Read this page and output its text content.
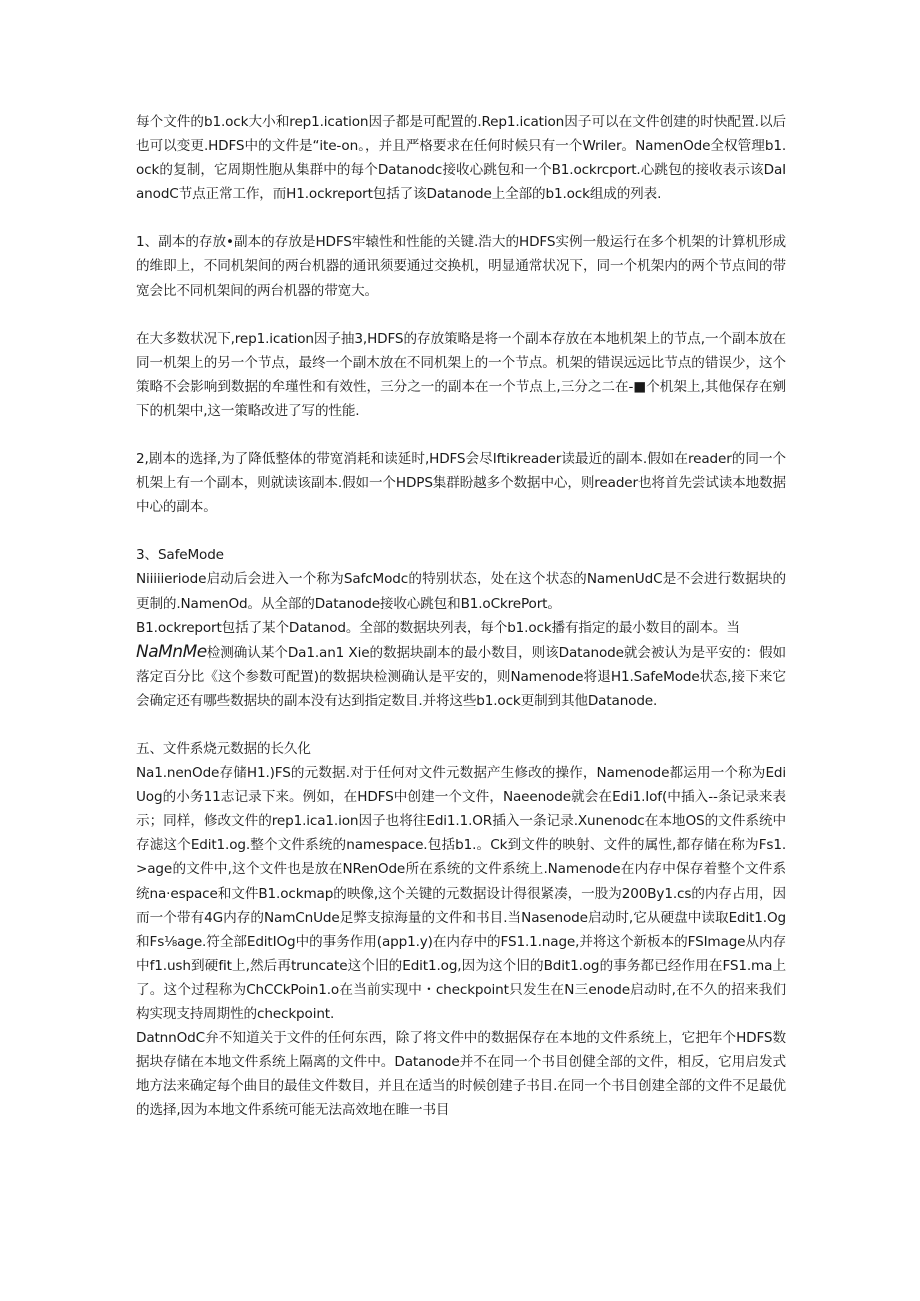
每个文件的b1.ock大小和rep1.ication因子都是可配置的.Rep1.ication因子可以在文件创建的时快配置.以后也可以变更.HDFS中的文件是“ite-on。，并且严格要求在任何时候只有一个Wriler。NamenOde全权管理b1.ock的复制，它周期性胞从集群中的每个Datanodc接收心跳包和一个B1.ockrcport.心跳包的接收表示该DaIanodC节点正常工作，而H1.ockreport包括了该Datanode上全部的b1.ock组成的列表.

1、副本的存放•副本的存放是HDFS牢辕性和性能的关键.浩大的HDFS实例一般运行在多个机架的计算机形成的维即上，不同机架间的两台机器的通讯须要通过交换机，明显通常状况下，同一个机架内的两个节点间的带宽会比不同机架间的两台机器的带宽大。

在大多数状况下,rep1.ication因子抽3,HDFS的存放策略是将一个副本存放在本地机架上的节点,一个副本放在同一机架上的另一个节点，最终一个副木放在不同机架上的一个节点。机架的错误远远比节点的错误少，这个策略不会影响到数据的牟瑾性和有效性，三分之一的副本在一个节点上,三分之二在-■个机架上,其他保存在剜下的机架中,这一策略改进了写的性能.

2,剧本的选择,为了降低整体的带宽消耗和读延时,HDFS会尽Iftikreader读最近的副本.假如在reader的同一个机架上有一个副本，则就读该副本.假如一个HDPS集群盼越多个数据中心，则reader也将首先尝试读本地数据中心的副本。

3、SafeMode

Niiiiieriode启动后会进入一个称为SafcModc的特别状态，处在这个状态的NamenUdC是不会进行数据块的更制的.NamenOd。从全部的Datanode接收心跳包和B1.oCkrePort。

B1.ockreport包括了某个Datanod。全部的数据块列表，每个b1.ock播有指定的最小数目的副本。当

NaMnMe检测确认某个Da1.an1 Xie的数据块副本的最小数目，则该Datanode就会被认为是平安的：假如落定百分比《这个参数可配置)的数据块检测确认是平安的，则Namenode将退H1.SafeMode状态,接下来它会确定还有哪些数据块的副本没有达到指定数目.并将这些b1.ock更制到其他Datanode.

五、文件系烧元数据的长久化

Na1.nenOde存储H1.)FS的元数据.对于任何对文件元数据产生修改的操作，Namenode都运用一个称为EdiUog的小务11志记录下来。例如，在HDFS中创建一个文件，Naeenode就会在Edi1.Iof(中插入--条记录来表示；同样，修改文件的rep1.ica1.ion因子也将往Edi1.1.OR插入一条记录.Xunenodc在本地OS的文件系统中存滤这个Edit1.og.整个文件系统的namespace.包括b1.。Ck到文件的映射、文件的属性,都存储在称为Fs1.>age的文件中,这个文件也是放在NRenOde所在系统的文件系统上.Namenode在内存中保存着整个文件系统na·espace和文件B1.ockmap的映像,这个关键的元数据设计得很紧凑，一股为200By1.cs的内存占用，因而一个带有4G内存的NamCnUde足弊支掠海量的文件和书目.当Nasenode启动时,它从硬盘中读取Edit1.Og和Fs⅛age.符全部EditIOg中的事务作用(app1.y)在内存中的FS1.1.nage,并将这个新板本的FSImage从内存中f1.ush到硬fit上,然后再truncate这个旧的Edit1.og,因为这个旧的Bdit1.og的事务都已经作用在FS1.ma上了。这个过程称为ChCCkPoin1.o在当前实现中・checkpoint只发生在N三enode启动时,在不久的招来我们构实现支持周期性的checkpoint.

DatnnOdC弁不知道关于文件的任何东西，除了将文件中的数据保存在本地的文件系统上，它把年个HDFS数据块存储在本地文件系统上隔离的文件中。Datanode并不在同一个书目创健全部的文件，相反，它用启发式地方法来确定每个曲目的最佳文件数目，并且在适当的时候创建子书目.在同一个书目创建全部的文件不足最优的选择,因为本地文件系统可能无法高效地在睢一书目
